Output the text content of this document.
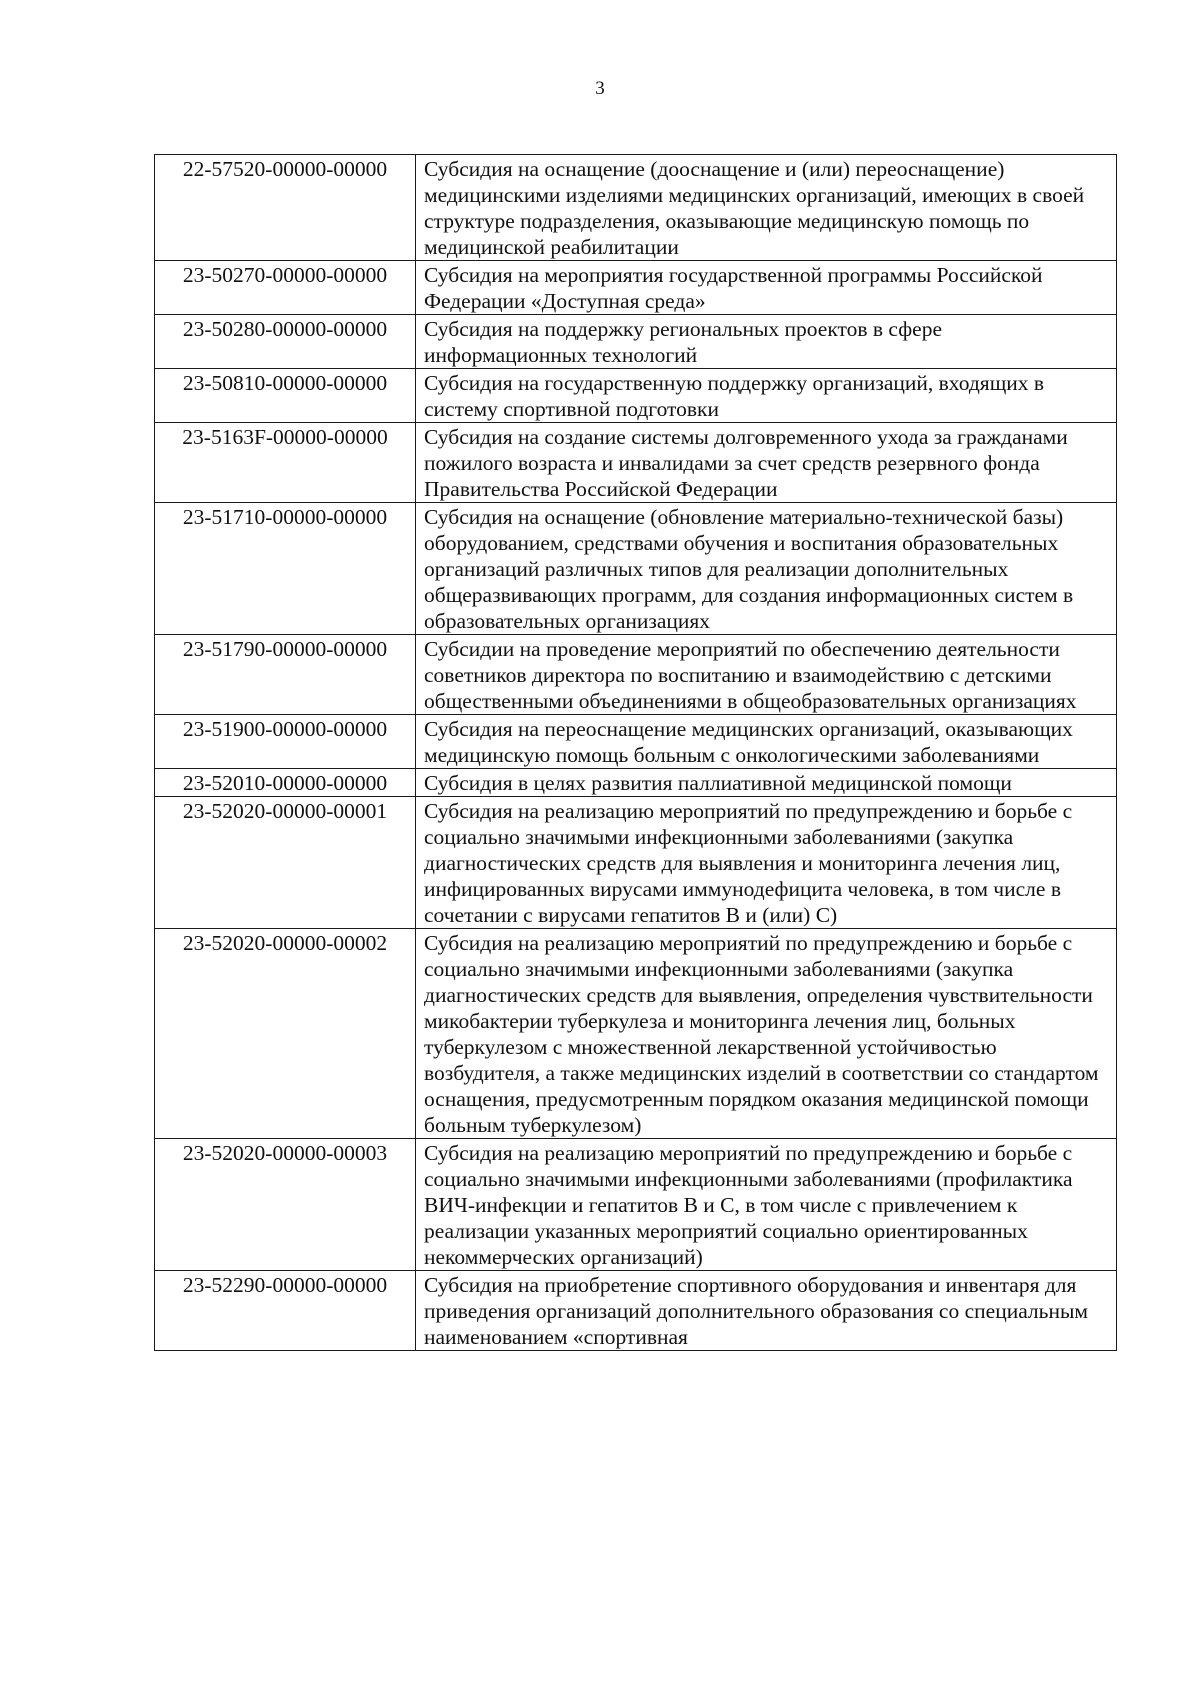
3
22-57520-00000-00000	Субсидия на оснащение (дооснащение и (или) переоснащение) медицинскими изделиями медицинских организаций, имеющих в своей структуре подразделения, оказывающие медицинскую помощь по медицинской реабилитации
23-50270-00000-00000	Субсидия на мероприятия государственной программы Российской Федерации «Доступная среда»
23-50280-00000-00000	Субсидия на поддержку региональных проектов в сфере информационных технологий
23-50810-00000-00000	Субсидия на государственную поддержку организаций, входящих в систему спортивной подготовки
23-5163F-00000-00000	Субсидия на создание системы долговременного ухода за гражданами пожилого возраста и инвалидами за счет средств резервного фонда Правительства Российской Федерации
23-51710-00000-00000	Субсидия на оснащение (обновление материально-технической базы) оборудованием, средствами обучения и воспитания образовательных организаций различных типов для реализации дополнительных общеразвивающих программ, для создания информационных систем в образовательных организациях
23-51790-00000-00000	Субсидии на проведение мероприятий по обеспечению деятельности советников директора по воспитанию и взаимодействию с детскими общественными объединениями в общеобразовательных организациях
23-51900-00000-00000	Субсидия на переоснащение медицинских организаций, оказывающих медицинскую помощь больным с онкологическими заболеваниями
23-52010-00000-00000	Субсидия в целях развития паллиативной медицинской помощи
23-52020-00000-00001	Субсидия на реализацию мероприятий по предупреждению и борьбе с социально значимыми инфекционными заболеваниями (закупка диагностических средств для выявления и мониторинга лечения лиц, инфицированных вирусами иммунодефицита человека, в том числе в сочетании с вирусами гепатитов В и (или) С)
23-52020-00000-00002	Субсидия на реализацию мероприятий по предупреждению и борьбе с социально значимыми инфекционными заболеваниями (закупка диагностических средств для выявления, определения чувствительности микобактерии туберкулеза и мониторинга лечения лиц, больных туберкулезом с множественной лекарственной устойчивостью возбудителя, а также медицинских изделий в соответствии со стандартом оснащения, предусмотренным порядком оказания медицинской помощи больным туберкулезом)
23-52020-00000-00003	Субсидия на реализацию мероприятий по предупреждению и борьбе с социально значимыми инфекционными заболеваниями (профилактика ВИЧ-инфекции и гепатитов В и С, в том числе с привлечением к реализации указанных мероприятий социально ориентированных некоммерческих организаций)
23-52290-00000-00000	Субсидия на приобретение спортивного оборудования и инвентаря для приведения организаций дополнительного образования со специальным наименованием «спортивная
